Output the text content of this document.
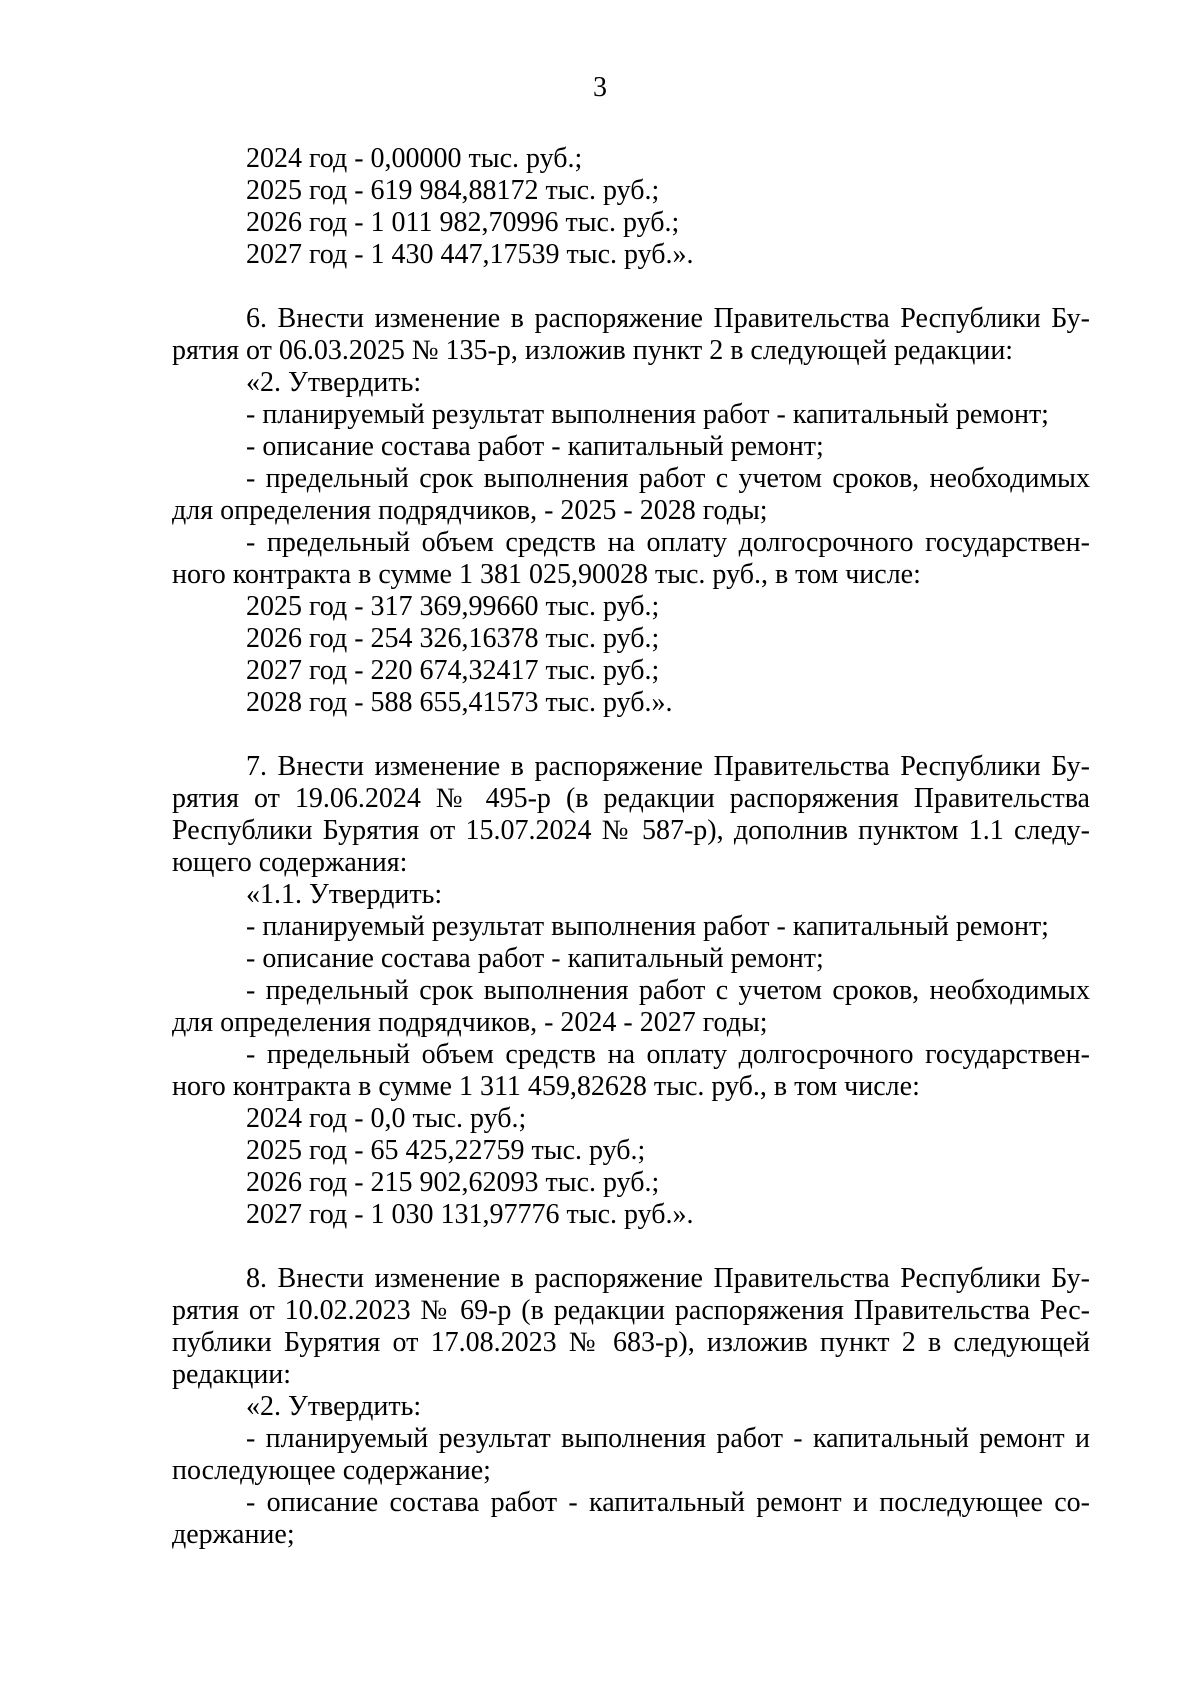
3

2024 год - 0,00000 тыс. руб.;

2025 год - 619 984,88172 тыс. руб.;

2026 год - 1 011 982,70996 тыс. руб.;

2027 год - 1 430 447,17539 тыс. руб.».

6. Внести изменение в распоряжение Правительства Республики Бу-

рятия от 06.03.2025 № 135-р, изложив пункт 2 в следующей редакции:

«2. Утвердить:

- планируемый результат выполнения работ - капитальный ремонт;

- описание состава работ - капитальный ремонт;

- предельный срок выполнения работ с учетом сроков, необходимых

для определения подрядчиков, - 2025 - 2028 годы;

- предельный объем средств на оплату долгосрочного государствен-

ного контракта в сумме 1 381 025,90028 тыс. руб., в том числе:

2025 год - 317 369,99660 тыс. руб.;

2026 год - 254 326,16378 тыс. руб.;

2027 год - 220 674,32417 тыс. руб.;

2028 год - 588 655,41573 тыс. руб.».

7. Внести изменение в распоряжение Правительства Республики Бу-

рятия от 19.06.2024 № 495-р (в редакции распоряжения Правительства

Республики Бурятия от 15.07.2024 № 587-р), дополнив пунктом 1.1 следу-

ющего содержания:

«1.1. Утвердить:

- планируемый результат выполнения работ - капитальный ремонт;

- описание состава работ - капитальный ремонт;

- предельный срок выполнения работ с учетом сроков, необходимых

для определения подрядчиков, - 2024 - 2027 годы;

- предельный объем средств на оплату долгосрочного государствен-

ного контракта в сумме 1 311 459,82628 тыс. руб., в том числе:

2024 год - 0,0 тыс. руб.;

2025 год - 65 425,22759 тыс. руб.;

2026 год - 215 902,62093 тыс. руб.;

2027 год - 1 030 131,97776 тыс. руб.».

8. Внести изменение в распоряжение Правительства Республики Бу-

рятия от 10.02.2023 № 69-р (в редакции распоряжения Правительства Рес-

публики Бурятия от 17.08.2023 № 683-р), изложив пункт 2 в следующей

редакции:

«2. Утвердить:

- планируемый результат выполнения работ - капитальный ремонт и

последующее содержание;

- описание состава работ - капитальный ремонт и последующее со-

держание;
